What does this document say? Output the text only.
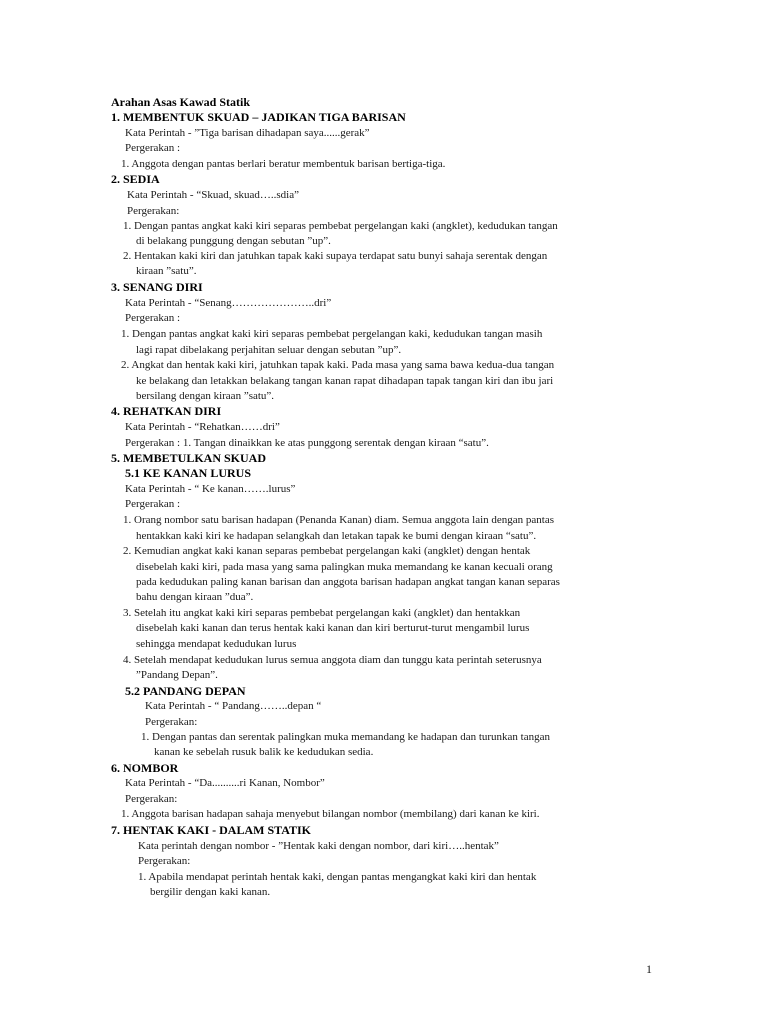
Arahan Asas Kawad Statik
1. MEMBENTUK SKUAD – JADIKAN TIGA BARISAN
Kata Perintah - ”Tiga barisan dihadapan saya......gerak”
Pergerakan :
1. Anggota dengan pantas berlari beratur membentuk barisan bertiga-tiga.
2. SEDIA
Kata Perintah - “Skuad, skuad…..sdia”
Pergerakan:
1. Dengan pantas angkat kaki kiri separas pembebat pergelangan kaki (angklet), kedudukan tangan
di belakang punggung dengan sebutan ”up”.
2. Hentakan kaki kiri dan jatuhkan tapak kaki supaya terdapat satu bunyi sahaja serentak dengan
kiraan ”satu”.
3. SENANG DIRI
Kata Perintah - “Senang…………………..dri”
Pergerakan :
1. Dengan pantas angkat kaki kiri separas pembebat pergelangan kaki, kedudukan tangan masih
lagi rapat dibelakang perjahitan seluar dengan sebutan ”up”.
2. Angkat dan hentak kaki kiri, jatuhkan tapak kaki. Pada masa yang sama bawa kedua-dua tangan
ke belakang dan letakkan belakang tangan kanan rapat dihadapan tapak tangan kiri dan ibu jari
bersilang dengan kiraan ”satu”.
4. REHATKAN DIRI
Kata Perintah - “Rehatkan……dri”
Pergerakan : 1. Tangan dinaikkan ke atas punggong serentak dengan kiraan “satu”.
5. MEMBETULKAN SKUAD
5.1 KE KANAN LURUS
Kata Perintah - “ Ke kanan…….lurus”
Pergerakan :
1. Orang nombor satu barisan hadapan (Penanda Kanan) diam. Semua anggota lain dengan pantas
hentakkan kaki kiri ke hadapan selangkah dan letakan tapak ke bumi dengan kiraan “satu”.
2. Kemudian angkat kaki kanan separas pembebat pergelangan kaki (angklet) dengan hentak
disebelah kaki kiri, pada masa yang sama palingkan muka memandang ke kanan kecuali orang
pada kedudukan paling kanan barisan dan anggota barisan hadapan angkat tangan kanan separas
bahu dengan kiraan ”dua”.
3. Setelah itu angkat kaki kiri separas pembebat pergelangan kaki (angklet) dan hentakkan
disebelah kaki kanan dan terus hentak kaki kanan dan kiri berturut-turut mengambil lurus
sehingga mendapat kedudukan lurus
4. Setelah mendapat kedudukan lurus semua anggota diam dan tunggu kata perintah seterusnya
”Pandang Depan”.
5.2 PANDANG DEPAN
Kata Perintah - “ Pandang……..depan “
Pergerakan:
1. Dengan pantas dan serentak palingkan muka memandang ke hadapan dan turunkan tangan
kanan ke sebelah rusuk balik ke kedudukan sedia.
6. NOMBOR
Kata Perintah - “Da..........ri Kanan, Nombor”
Pergerakan:
1. Anggota barisan hadapan sahaja menyebut bilangan nombor (membilang) dari kanan ke kiri.
7. HENTAK KAKI - DALAM STATIK
Kata perintah dengan nombor - ”Hentak kaki dengan nombor, dari kiri…..hentak”
Pergerakan:
1. Apabila mendapat perintah hentak kaki, dengan pantas mengangkat kaki kiri dan hentak
bergilir dengan kaki kanan.
1
